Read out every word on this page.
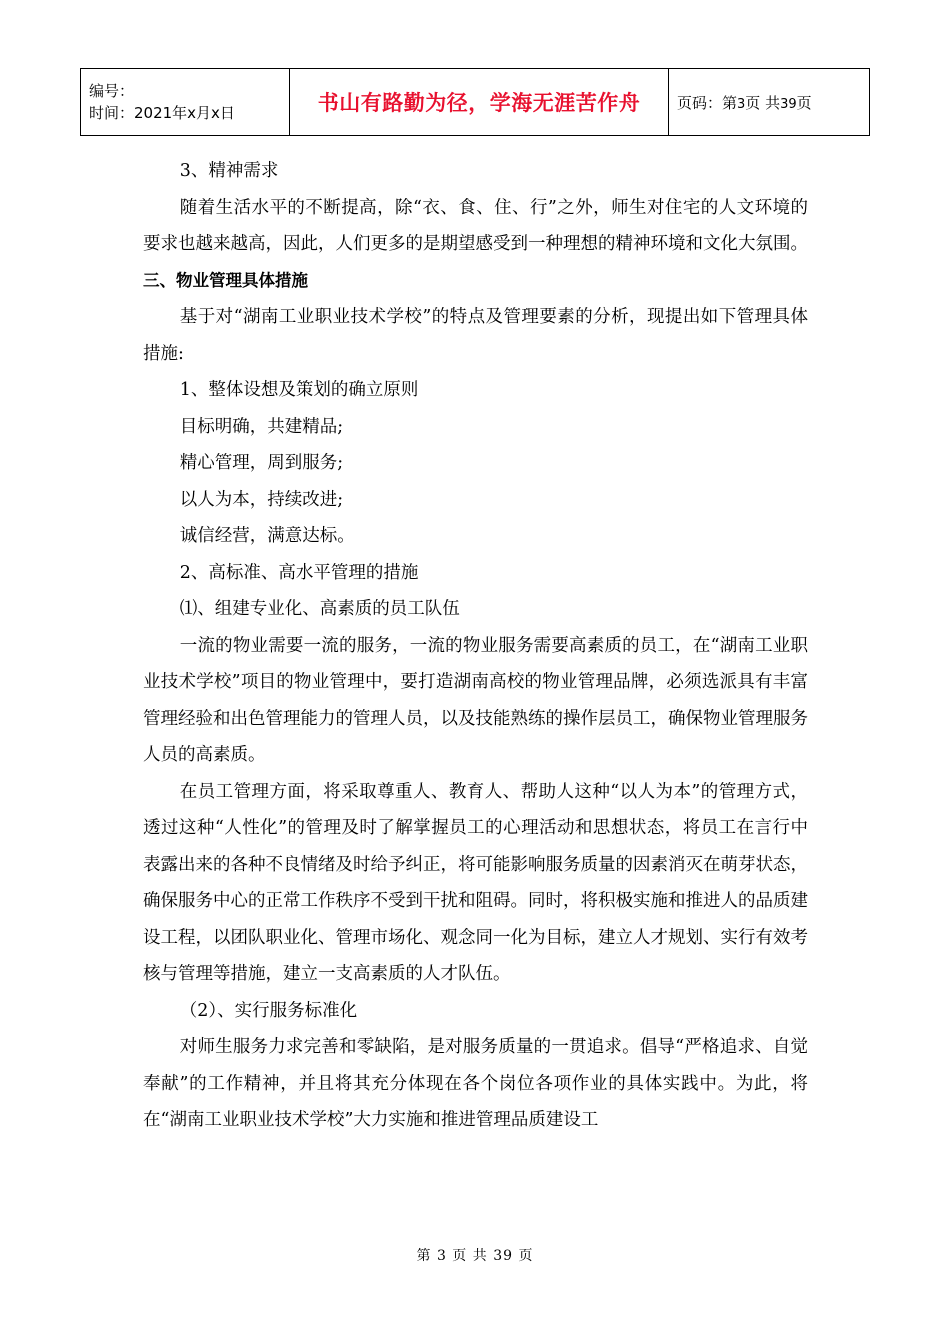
编号：
时间：2021年x月x日	书山有路勤为径，学海无涯苦作舟	页码：第3页 共39页

3、精神需求

随着生活水平的不断提高，除“衣、食、住、行”之外，师生对住宅的人文环境的要求也越来越高，因此，人们更多的是期望感受到一种理想的精神环境和文化大氛围。

三、物业管理具体措施

基于对“湖南工业职业技术学校”的特点及管理要素的分析，现提出如下管理具体措施:

1、整体设想及策划的确立原则

目标明确，共建精品;

精心管理，周到服务;

以人为本，持续改进;

诚信经营，满意达标。

2、高标准、高水平管理的措施

⑴、组建专业化、高素质的员工队伍

一流的物业需要一流的服务，一流的物业服务需要高素质的员工，在“湖南工业职业技术学校”项目的物业管理中，要打造湖南高校的物业管理品牌，必须选派具有丰富管理经验和出色管理能力的管理人员，以及技能熟练的操作层员工，确保物业管理服务人员的高素质。

在员工管理方面，将采取尊重人、教育人、帮助人这种“以人为本”的管理方式，透过这种“人性化”的管理及时了解掌握员工的心理活动和思想状态，将员工在言行中表露出来的各种不良情绪及时给予纠正，将可能影响服务质量的因素消灭在萌芽状态，确保服务中心的正常工作秩序不受到干扰和阻碍。同时，将积极实施和推进人的品质建设工程，以团队职业化、管理市场化、观念同一化为目标，建立人才规划、实行有效考核与管理等措施，建立一支高素质的人才队伍。

（2）、实行服务标准化

对师生服务力求完善和零缺陷，是对服务质量的一贯追求。倡导“严格追求、自觉奉献”的工作精神，并且将其充分体现在各个岗位各项作业的具体实践中。为此，将在“湖南工业职业技术学校”大力实施和推进管理品质建设工

第 3 页 共 39 页
